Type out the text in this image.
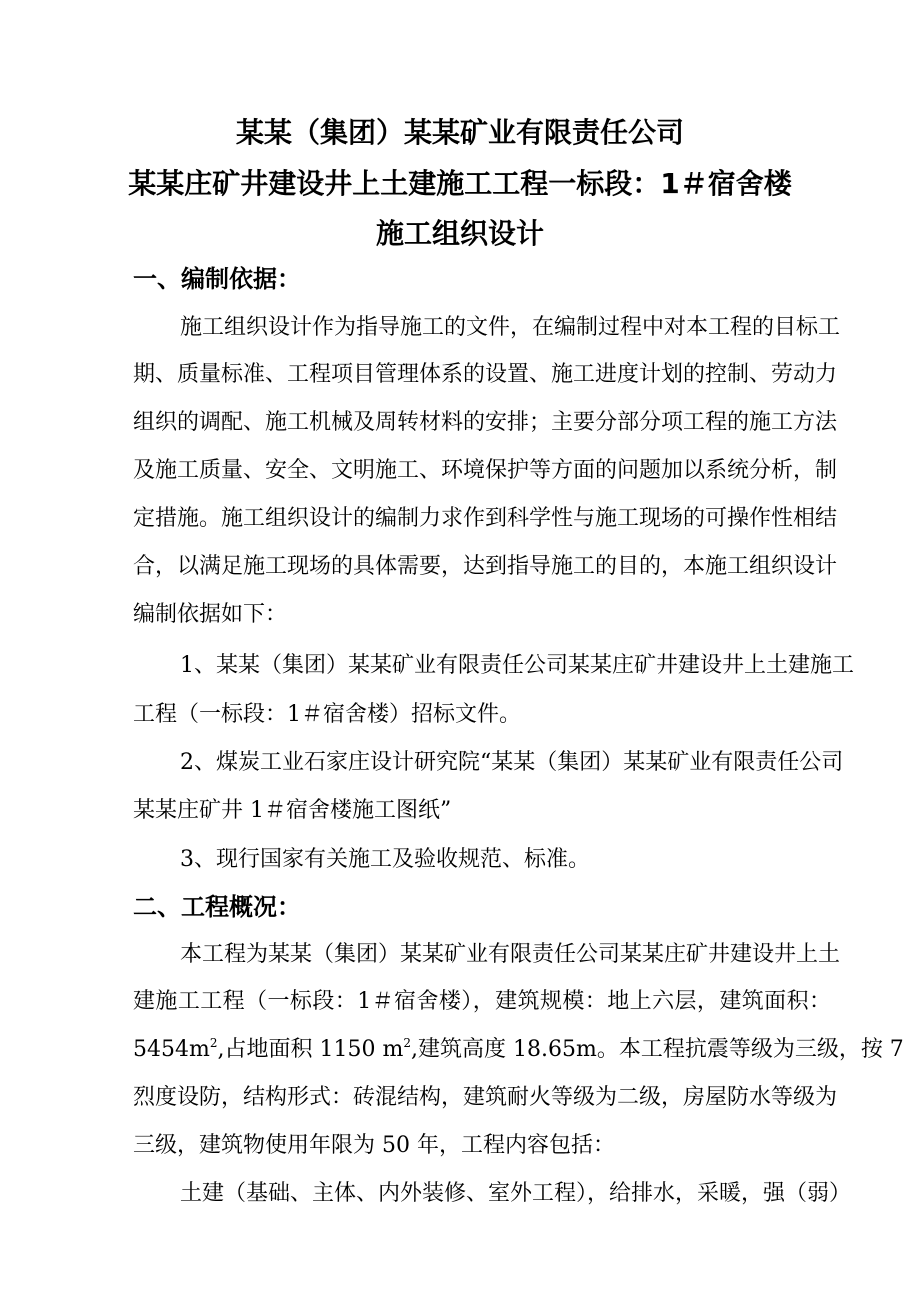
某某（集团）某某矿业有限责任公司
某某庄矿井建设井上土建施工工程一标段：1＃宿舍楼
施工组织设计
一、编制依据：
施工组织设计作为指导施工的文件，在编制过程中对本工程的目标工
期、质量标准、工程项目管理体系的设置、施工进度计划的控制、劳动力
组织的调配、施工机械及周转材料的安排；主要分部分项工程的施工方法
及施工质量、安全、文明施工、环境保护等方面的问题加以系统分析，制
定措施。施工组织设计的编制力求作到科学性与施工现场的可操作性相结
合，以满足施工现场的具体需要，达到指导施工的目的，本施工组织设计
编制依据如下：
1、某某（集团）某某矿业有限责任公司某某庄矿井建设井上土建施工
工程（一标段：1＃宿舍楼）招标文件。
2、煤炭工业石家庄设计研究院“某某（集团）某某矿业有限责任公司
某某庄矿井 1＃宿舍楼施工图纸”
3、现行国家有关施工及验收规范、标准。
二、工程概况：
本工程为某某（集团）某某矿业有限责任公司某某庄矿井建设井上土
建施工工程（一标段：1＃宿舍楼），建筑规模：地上六层，建筑面积：
$5454m^2$,占地面积 1150 $m^2$,建筑高度 18.65m。本工程抗震等级为三级，按 7
烈度设防，结构形式：砖混结构，建筑耐火等级为二级，房屋防水等级为
三级，建筑物使用年限为 50 年，工程内容包括：
土建（基础、主体、内外装修、室外工程），给排水，采暖，强（弱）
